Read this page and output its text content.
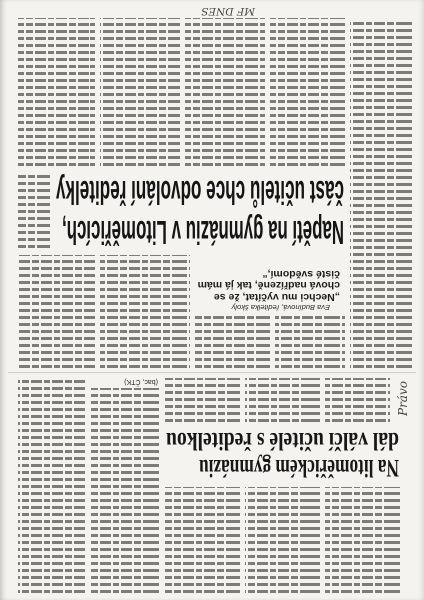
(bac, ČTK)
Na litoměřickém gymnáziu
dál válčí učitelé s ředitelkou
Právo
Eva Budínová, ředitelka školy
„Nechci mu vyčítat, že se chová nadřízeně, tak já mám čisté svědomí,“
Napětí na gymnáziu v Litoměřicích,
část učitelů chce odvolání ředitelky
MF DNES
